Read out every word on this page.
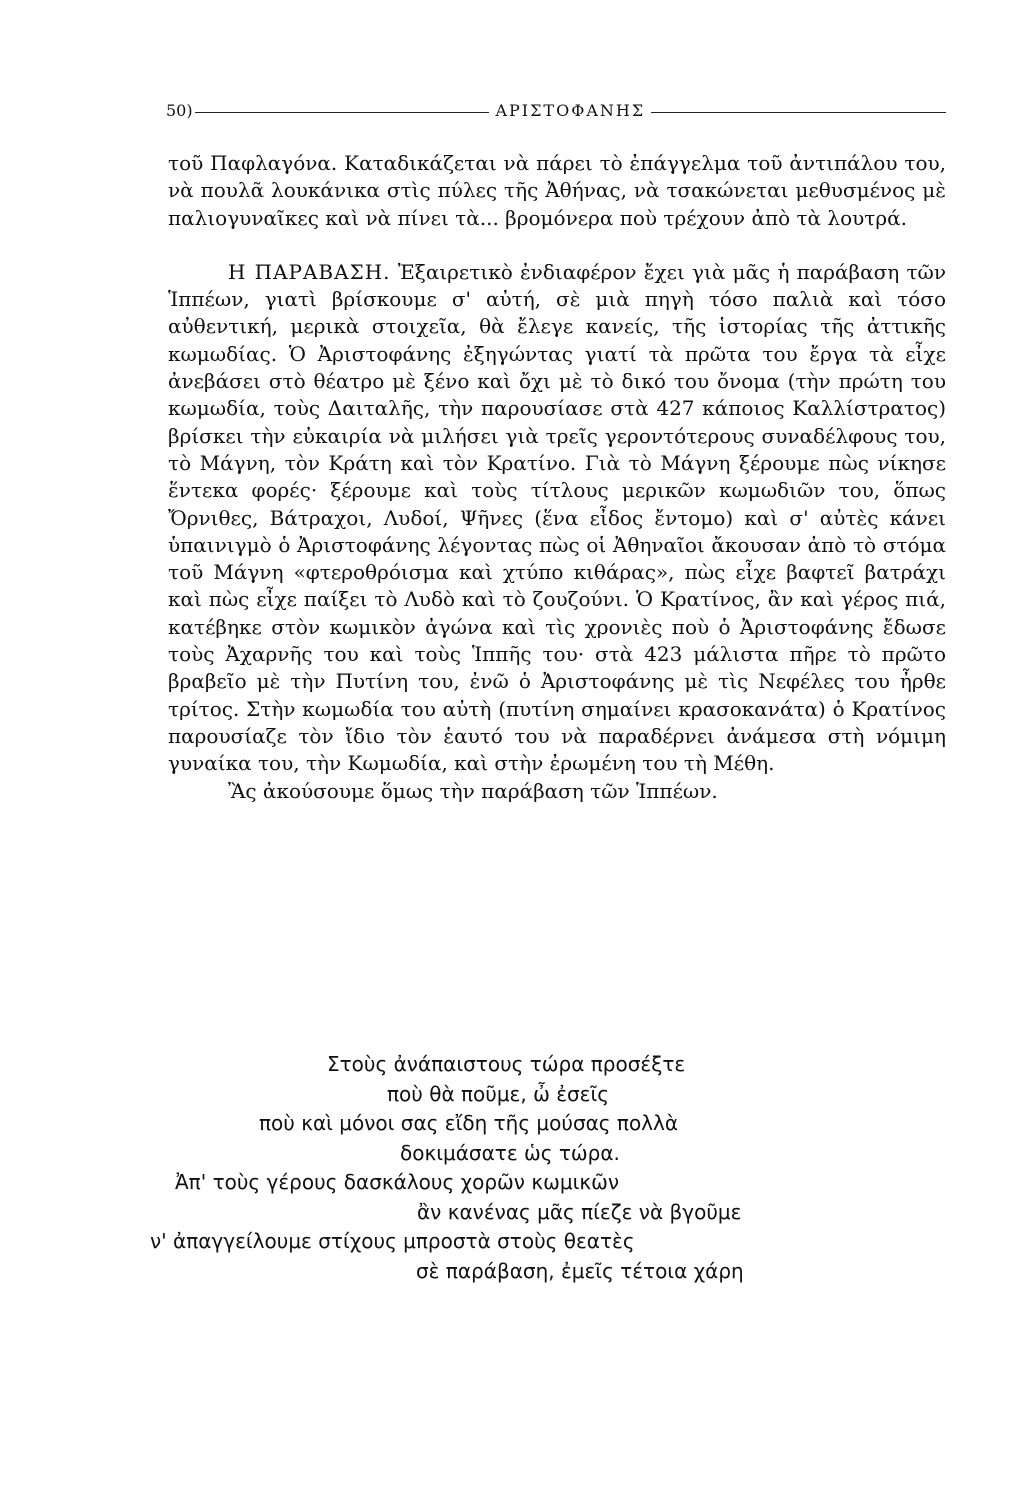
50)	ΑΡΙΣΤΟΦΑΝΗΣ

τοῦ Παφλαγόνα. Καταδικάζεται νὰ πάρει τὸ ἐπάγγελμα τοῦ ἀντιπάλου του, νὰ πουλᾶ λουκάνικα στὶς πύλες τῆς Ἀθήνας, νὰ τσακώνεται μεθυσμένος μὲ παλιογυναῖκες καὶ νὰ πίνει τὰ... βρομόνερα ποὺ τρέχουν ἀπὸ τὰ λουτρά.

Η ΠΑΡΑΒΑΣΗ. Ἐξαιρετικὸ ἐνδιαφέρον ἔχει γιὰ μᾶς ἡ παράβαση τῶν Ἱππέων, γιατὶ βρίσκουμε σ' αὐτή, σὲ μιὰ πηγὴ τόσο παλιὰ καὶ τόσο αὐθεντική, μερικὰ στοιχεῖα, θὰ ἔλεγε κανείς, τῆς ἱστορίας τῆς ἀττικῆς κωμωδίας. Ὁ Ἀριστοφάνης ἐξηγώντας γιατί τὰ πρῶτα του ἔργα τὰ εἶχε ἀνεβάσει στὸ θέατρο μὲ ξένο καὶ ὄχι μὲ τὸ δικό του ὄνομα (τὴν πρώτη του κωμωδία, τοὺς Δαιταλῆς, τὴν παρουσίασε στὰ 427 κάποιος Καλλίστρατος) βρίσκει τὴν εὐκαιρία νὰ μιλήσει γιὰ τρεῖς γεροντότερους συναδέλφους του, τὸ Μάγνη, τὸν Κράτη καὶ τὸν Κρατίνο. Γιὰ τὸ Μάγνη ξέρουμε πὼς νίκησε ἕντεκα φορές· ξέρουμε καὶ τοὺς τίτλους μερικῶν κωμωδιῶν του, ὅπως Ὄρνιθες, Βάτραχοι, Λυδοί, Ψῆνες (ἕνα εἶδος ἔντομο) καὶ σ' αὐτὲς κάνει ὑπαινιγμὸ ὁ Ἀριστοφάνης λέγοντας πὼς οἱ Ἀθηναῖοι ἄκουσαν ἀπὸ τὸ στόμα τοῦ Μάγνη «φτεροθρόισμα καὶ χτύπο κιθάρας», πὼς εἶχε βαφτεῖ βατράχι καὶ πὼς εἶχε παίξει τὸ Λυδὸ καὶ τὸ ζουζούνι. Ὁ Κρατίνος, ἂν καὶ γέρος πιά, κατέβηκε στὸν κωμικὸν ἀγώνα καὶ τὶς χρονιὲς ποὺ ὁ Ἀριστοφάνης ἔδωσε τοὺς Ἀχαρνῆς του καὶ τοὺς Ἱππῆς του· στὰ 423 μάλιστα πῆρε τὸ πρῶτο βραβεῖο μὲ τὴν Πυτίνη του, ἐνῶ ὁ Ἀριστοφάνης μὲ τὶς Νεφέλες του ἦρθε τρίτος. Στὴν κωμωδία του αὐτὴ (πυτίνη σημαίνει κρασοκανάτα) ὁ Κρατίνος παρουσίαζε τὸν ἴδιο τὸν ἑαυτό του νὰ παραδέρνει ἀνάμεσα στὴ νόμιμη γυναίκα του, τὴν Κωμωδία, καὶ στὴν ἐρωμένη του τὴ Μέθη.

Ἂς ἀκούσουμε ὅμως τὴν παράβαση τῶν Ἱππέων.

Στοὺς ἀνάπαιστους τώρα προσέξτε
ποὺ θὰ ποῦμε, ὦ ἐσεῖς
ποὺ καὶ μόνοι σας εἴδη τῆς μούσας πολλὰ
δοκιμάσατε ὡς τώρα.
Ἀπ' τοὺς γέρους δασκάλους χορῶν κωμικῶν
ἂν κανένας μᾶς πίεζε νὰ βγοῦμε
ν' ἀπαγγείλουμε στίχους μπροστὰ στοὺς θεατὲς
σὲ παράβαση, ἐμεῖς τέτοια χάρη
